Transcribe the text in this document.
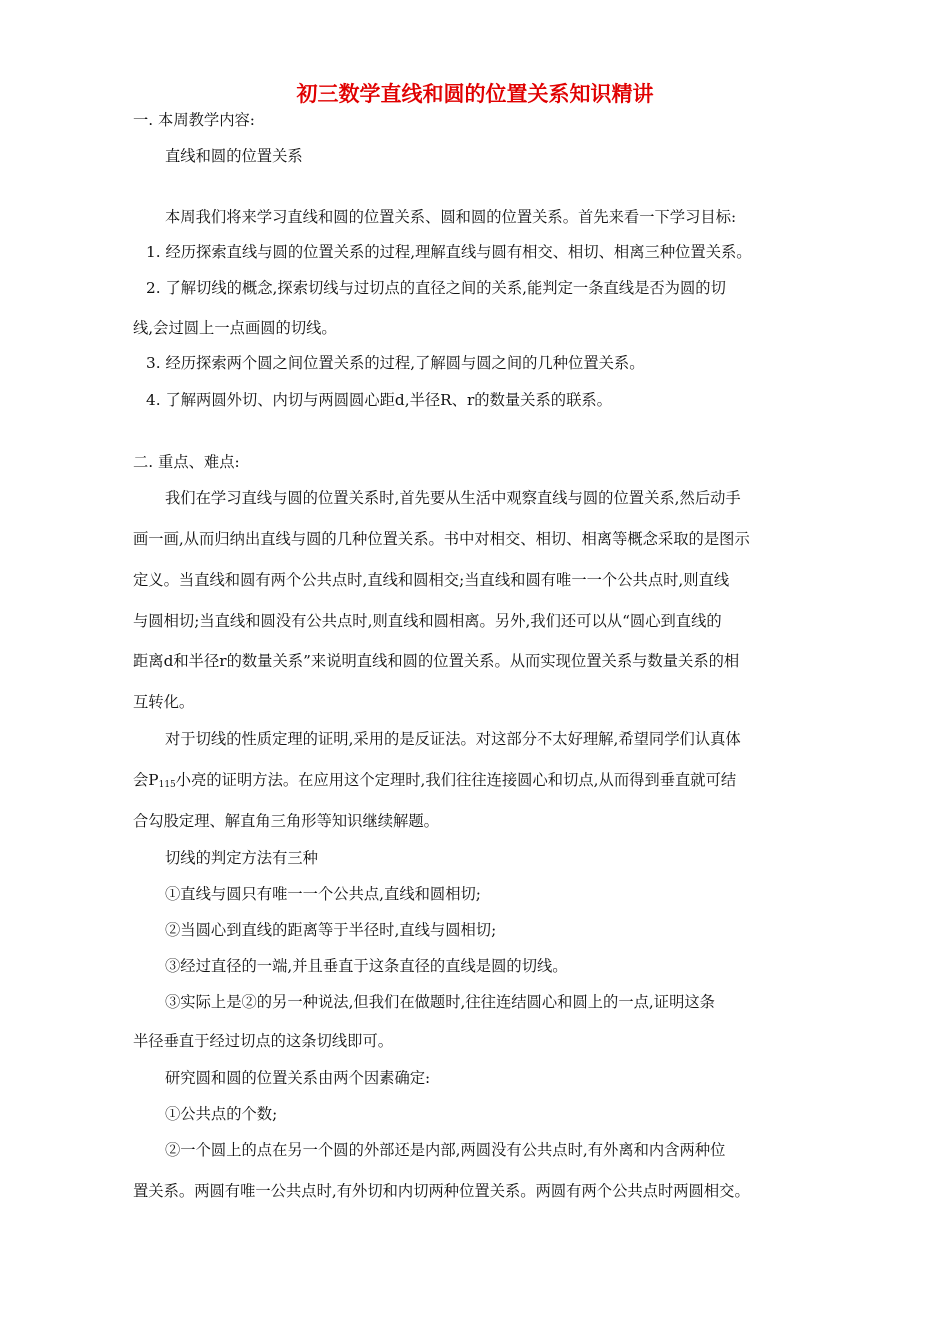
初三数学直线和圆的位置关系知识精讲
一. 本周教学内容:
直线和圆的位置关系
本周我们将来学习直线和圆的位置关系、圆和圆的位置关系。首先来看一下学习目标:
1. 经历探索直线与圆的位置关系的过程,理解直线与圆有相交、相切、相离三种位置关系。
2. 了解切线的概念,探索切线与过切点的直径之间的关系,能判定一条直线是否为圆的切
线,会过圆上一点画圆的切线。
3. 经历探索两个圆之间位置关系的过程,了解圆与圆之间的几种位置关系。
4. 了解两圆外切、内切与两圆圆心距d,半径R、r的数量关系的联系。
二. 重点、难点:
我们在学习直线与圆的位置关系时,首先要从生活中观察直线与圆的位置关系,然后动手
画一画,从而归纳出直线与圆的几种位置关系。书中对相交、相切、相离等概念采取的是图示
定义。当直线和圆有两个公共点时,直线和圆相交;当直线和圆有唯一一个公共点时,则直线
与圆相切;当直线和圆没有公共点时,则直线和圆相离。另外,我们还可以从“圆心到直线的
距离d和半径r的数量关系”来说明直线和圆的位置关系。从而实现位置关系与数量关系的相
互转化。
对于切线的性质定理的证明,采用的是反证法。对这部分不太好理解,希望同学们认真体
会$P_{115}$小亮的证明方法。在应用这个定理时,我们往往连接圆心和切点,从而得到垂直就可结
合勾股定理、解直角三角形等知识继续解题。
切线的判定方法有三种
①直线与圆只有唯一一个公共点,直线和圆相切;
②当圆心到直线的距离等于半径时,直线与圆相切;
③经过直径的一端,并且垂直于这条直径的直线是圆的切线。
③实际上是②的另一种说法,但我们在做题时,往往连结圆心和圆上的一点,证明这条
半径垂直于经过切点的这条切线即可。
研究圆和圆的位置关系由两个因素确定:
①公共点的个数;
②一个圆上的点在另一个圆的外部还是内部,两圆没有公共点时,有外离和内含两种位
置关系。两圆有唯一公共点时,有外切和内切两种位置关系。两圆有两个公共点时两圆相交。
